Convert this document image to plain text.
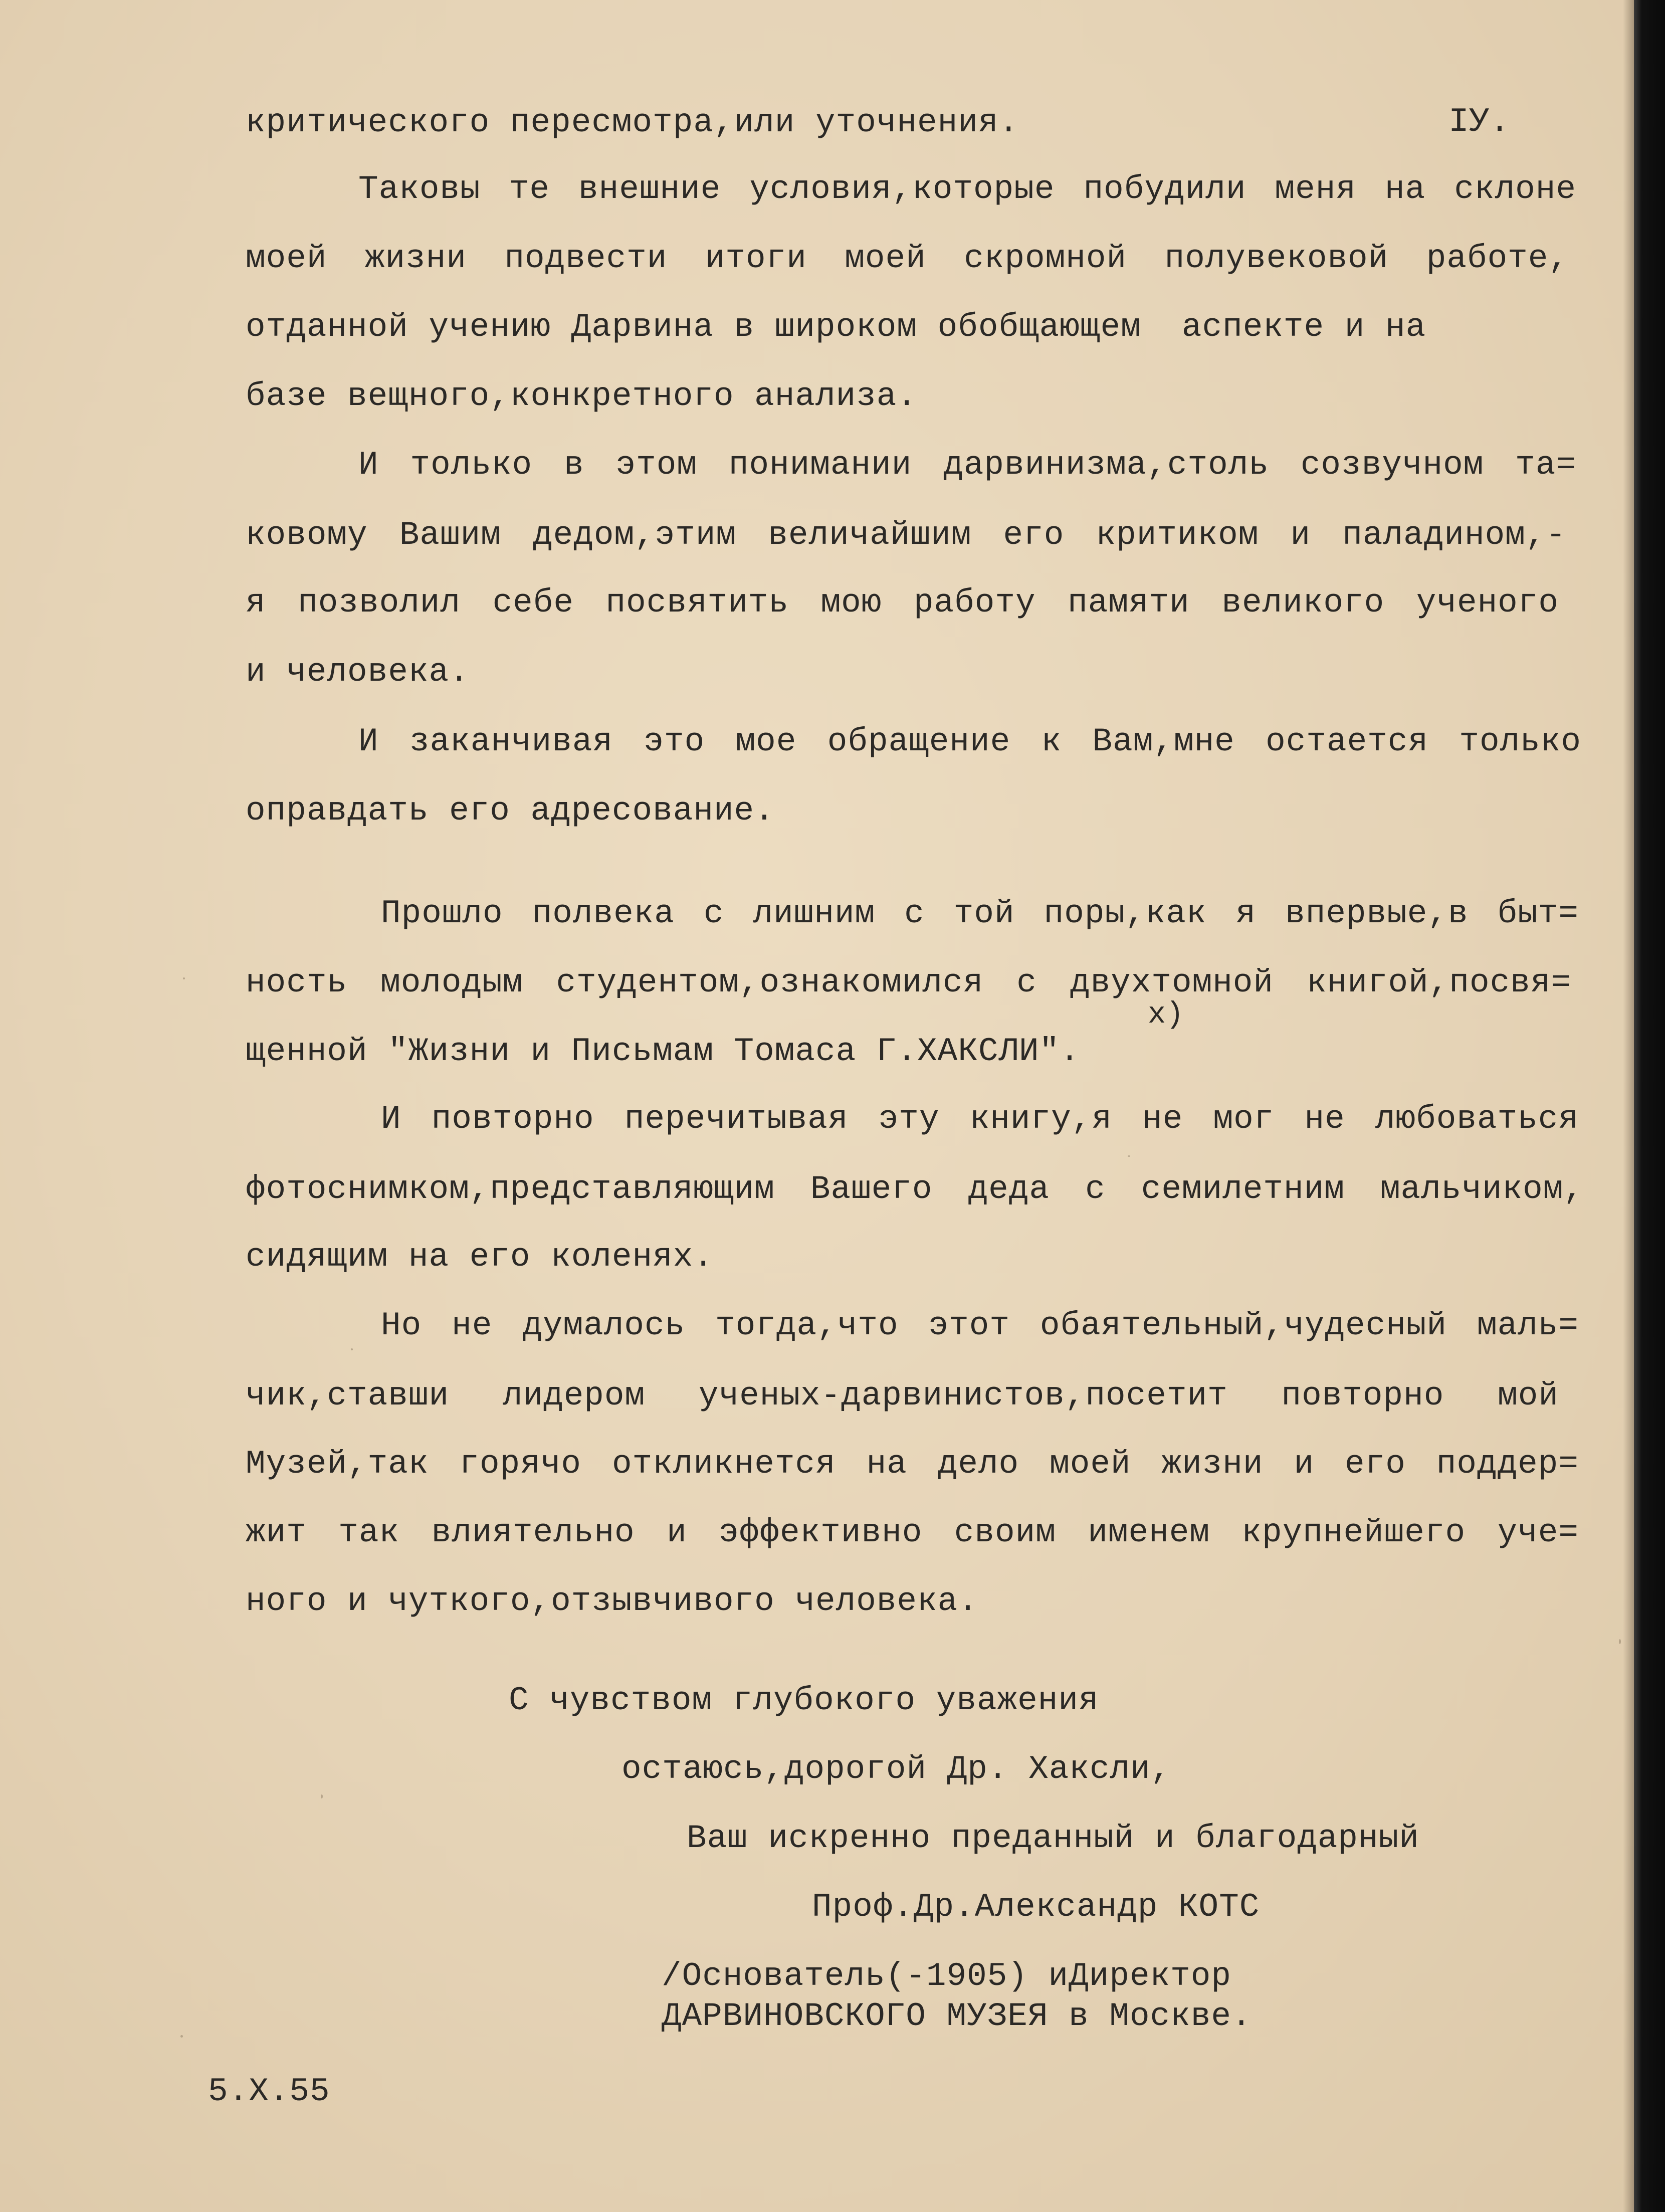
IУ.

критического пересмотра,или уточнения.

Таковы те внешние условия,которые побудили меня на склоне

моей жизни подвести итоги моей скромной полувековой работе,

отданной учению Дарвина в широком обобщающем  аспекте и на

базе вещного,конкретного анализа.

И только в этом понимании дарвинизма,столь созвучном та=

ковому Вашим дедом,этим величайшим его критиком и паладином,-

я позволил себе посвятить мою работу памяти великого ученого

и человека.

И заканчивая это мое обращение к Вам,мне остается только

оправдать его адресование.

Прошло полвека с лишним с той поры,как я впервые,в быт=

ность молодым студентом,ознакомился с двухтомной книгой,посвя=

x)

щенной "Жизни и Письмам Томаса Г.ХАКСЛИ".

И повторно перечитывая эту книгу,я не мог не любоваться

фотоснимком,представляющим Вашего деда с семилетним мальчиком,

сидящим на его коленях.

Но не думалось тогда,что этот обаятельный,чудесный маль=

чик,ставши лидером ученых-дарвинистов,посетит повторно мой

Музей,так горячо откликнется на дело моей жизни и его поддер=

жит так влиятельно и эффективно своим именем крупнейшего уче=

ного и чуткого,отзывчивого человека.

С чувством глубокого уважения

остаюсь,дорогой Др. Хаксли,

Ваш искренно преданный и благодарный

Проф.Др.Александр КОТС

/Основатель(-1905) иДиректор

ДАРВИНОВСКОГО МУЗЕЯ в Москве.

5.X.55
